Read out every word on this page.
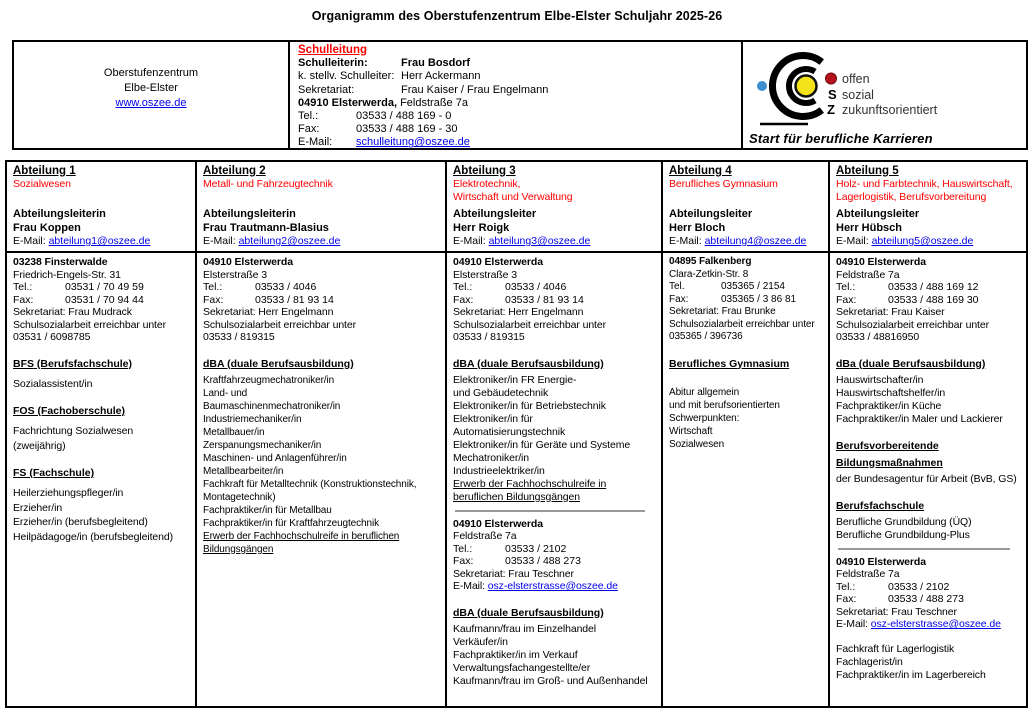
Organigramm des Oberstufenzentrum Elbe-Elster Schuljahr 2025-26
Oberstufenzentrum
Elbe-Elster
www.oszee.de
Schulleitung
Schulleiterin:	Frau Bosdorf
k. stellv. Schulleiter: Herr Ackermann
Sekretariat:	Frau Kaiser / Frau Engelmann
04910 Elsterwerda, Feldstraße 7a
Tel.:	03533 / 488 169 - 0
Fax:	03533 / 488 169 - 30
E-Mail: schulleitung@oszee.de
offen
S sozial
Z zukunftsorientiert
Start für berufliche Karrieren
Abteilung 1
Sozialwesen
Abteilungsleiterin
Frau Koppen
E-Mail: abteilung1@oszee.de
03238 Finsterwalde
Friedrich-Engels-Str. 31
Tel.:	03531 / 70 49 59
Fax:	03531 / 70 94 44
Sekretariat: Frau Mudrack
Schulsozialarbeit erreichbar unter
03531 / 6098785
BFS (Berufsfachschule)
Sozialassistent/in
FOS (Fachoberschule)
Fachrichtung Sozialwesen
(zweijährig)
FS (Fachschule)
Heilerziehungspfleger/in
Erzieher/in
Erzieher/in (berufsbegleitend)
Heilpädagoge/in (berufsbegleitend)
Abteilung 2
Metall- und Fahrzeugtechnik
Abteilungsleiterin
Frau Trautmann-Blasius
E-Mail: abteilung2@oszee.de
04910 Elsterwerda
Elsterstraße 3
Tel.:	03533 / 4046
Fax:	03533 / 81 93 14
Sekretariat: Herr Engelmann
Schulsozialarbeit erreichbar unter
03533 / 819315
dBA (duale Berufsausbildung)
Kraftfahrzeugmechatroniker/in
Land- und
Baumaschinenmechatroniker/in
Industriemechaniker/in
Metallbauer/in
Zerspanungsmechaniker/in
Maschinen- und Anlagenführer/in
Metallbearbeiter/in
Fachkraft für Metalltechnik (Konstruktionstechnik,
Montagetechnik)
Fachpraktiker/in für Metallbau
Fachpraktiker/in für Kraftfahrzeugtechnik
Erwerb der Fachhochschulreife in beruflichen
Bildungsgängen
Abteilung 3
Elektrotechnik,
Wirtschaft und Verwaltung
Abteilungsleiter
Herr Roigk
E-Mail: abteilung3@oszee.de
04910 Elsterwerda
Elsterstraße 3
Tel.:	03533 / 4046
Fax:	03533 / 81 93 14
Sekretariat: Herr Engelmann
Schulsozialarbeit erreichbar unter
03533 / 819315
dBA (duale Berufsausbildung)
Elektroniker/in FR Energie-
und Gebäudetechnik
Elektroniker/in für Betriebstechnik
Elektroniker/in für
Automatisierungstechnik
Elektroniker/in für Geräte und Systeme
Mechatroniker/in
Industrieelektriker/in
Erwerb der Fachhochschulreife in
beruflichen Bildungsgängen
04910 Elsterwerda
Feldstraße 7a
Tel.:	03533 / 2102
Fax:	03533 / 488 273
Sekretariat: Frau Teschner
E-Mail: osz-elsterstrasse@oszee.de
dBA (duale Berufsausbildung)
Kaufmann/frau im Einzelhandel
Verkäufer/in
Fachpraktiker/in im Verkauf
Verwaltungsfachangestellte/er
Kaufmann/frau im Groß- und Außenhandel
Abteilung 4
Berufliches Gymnasium
Abteilungsleiter
Herr Bloch
E-Mail: abteilung4@oszee.de
04895 Falkenberg
Clara-Zetkin-Str. 8
Tel.	035365 / 2154
Fax:	035365 / 3 86 81
Sekretariat: Frau Brunke
Schulsozialarbeit erreichbar unter
035365 / 396736
Berufliches Gymnasium
Abitur allgemein
und mit berufsorientierten
Schwerpunkten:
Wirtschaft
Sozialwesen
Abteilung 5
Holz- und Farbtechnik, Hauswirtschaft,
Lagerlogistik, Berufsvorbereitung
Abteilungsleiter
Herr Hübsch
E-Mail: abteilung5@oszee.de
04910 Elsterwerda
Feldstraße 7a
Tel.:	03533 / 488 169 12
Fax:	03533 / 488 169 30
Sekretariat: Frau Kaiser
Schulsozialarbeit erreichbar unter
03533 / 48816950
dBa (duale Berufsausbildung)
Hauswirtschafter/in
Hauswirtschaftshelfer/in
Fachpraktiker/in Küche
Fachpraktiker/in Maler und Lackierer
Berufsvorbereitende
Bildungsmaßnahmen
der Bundesagentur für Arbeit (BvB, GS)
Berufsfachschule
Berufliche Grundbildung (ÜQ)
Berufliche Grundbildung-Plus
04910 Elsterwerda
Feldstraße 7a
Tel.:	03533 / 2102
Fax:	03533 / 488 273
Sekretariat: Frau Teschner
E-Mail: osz-elsterstrasse@oszee.de
Fachkraft für Lagerlogistik
Fachlagerist/in
Fachpraktiker/in im Lagerbereich
